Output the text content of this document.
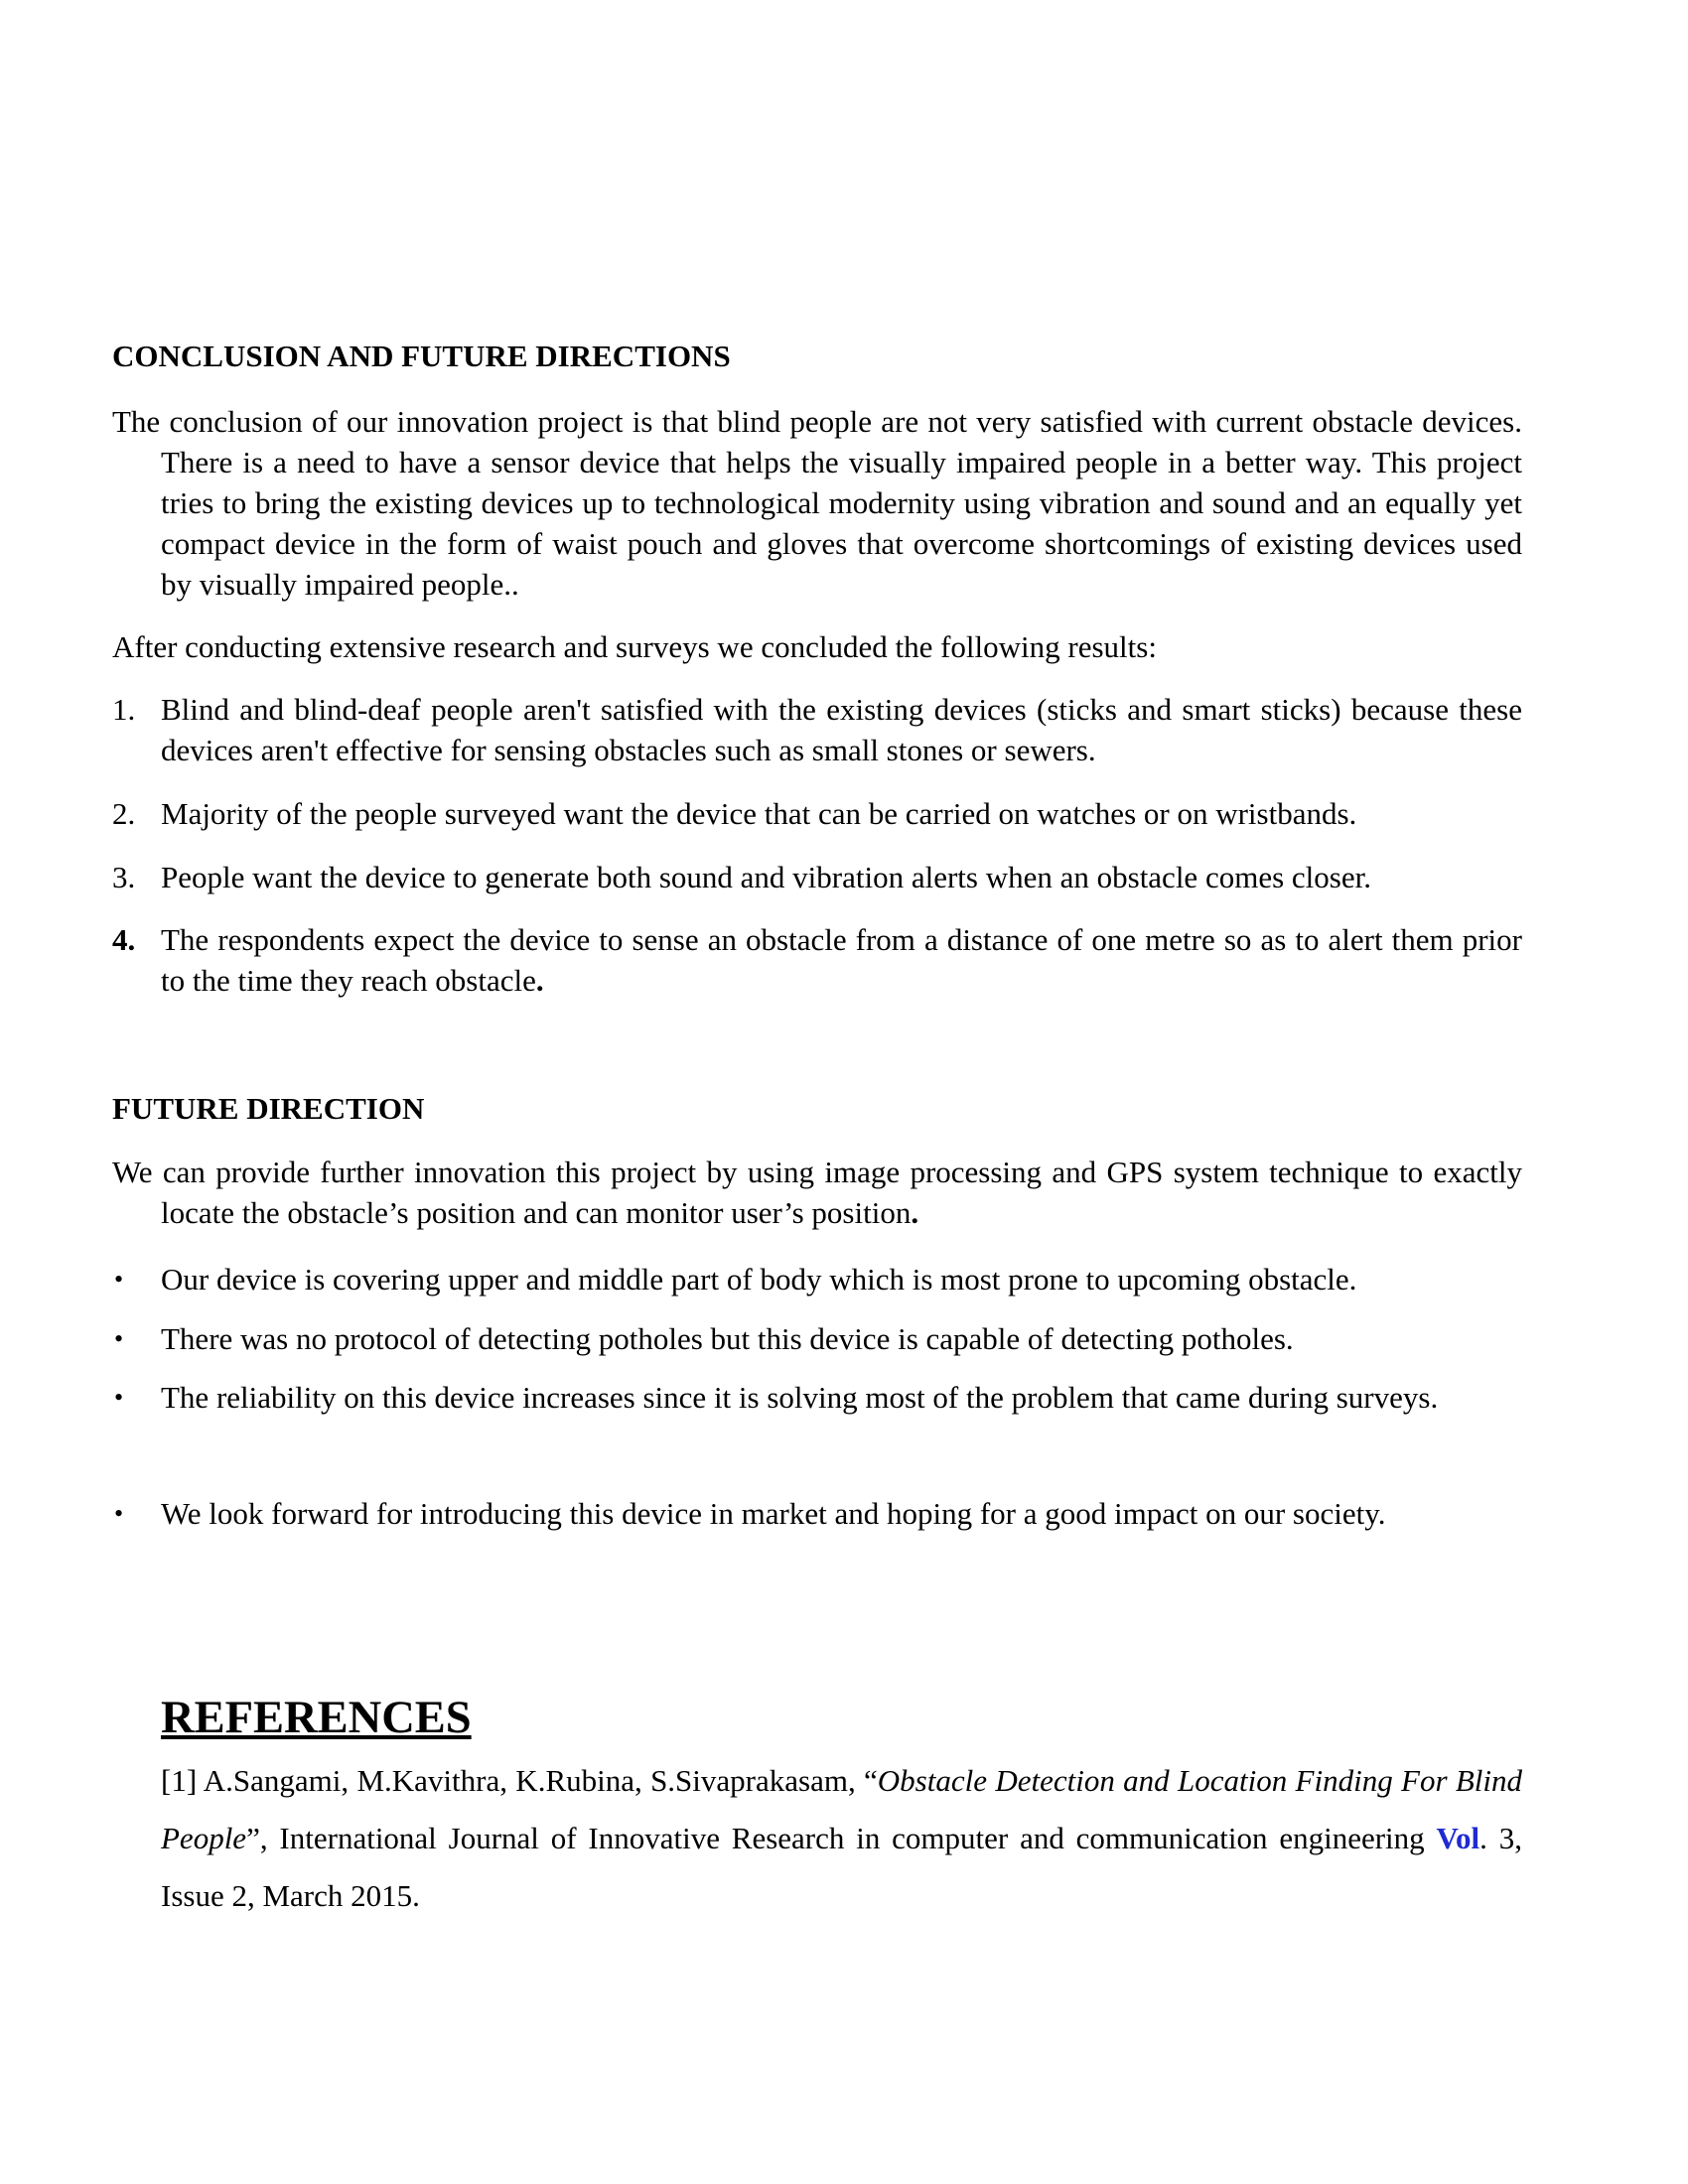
CONCLUSION AND FUTURE DIRECTIONS

The conclusion of our innovation project is that blind people are not very satisfied with current obstacle devices. There is a need to have a sensor device that helps the visually impaired people in a better way. This project tries to bring the existing devices up to technological modernity using vibration and sound and an equally yet compact device in the form of waist pouch and gloves that overcome shortcomings of existing devices used by visually impaired people..

After conducting extensive research and surveys we concluded the following results:

1. Blind and blind-deaf people aren't satisfied with the existing devices (sticks and smart sticks) because these devices aren't effective for sensing obstacles such as small stones or sewers.
2. Majority of the people surveyed want the device that can be carried on watches or on wristbands.
3. People want the device to generate both sound and vibration alerts when an obstacle comes closer.
4. The respondents expect the device to sense an obstacle from a distance of one metre so as to alert them prior to the time they reach obstacle.
FUTURE DIRECTION

We can provide further innovation this project by using image processing and GPS system technique to exactly locate the obstacle’s position and can monitor user’s position.

• Our device is covering upper and middle part of body which is most prone to upcoming obstacle.
• There was no protocol of detecting potholes but this device is capable of detecting potholes.
• The reliability on this device increases since it is solving most of the problem that came during surveys.
• We look forward for introducing this device in market and hoping for a good impact on our society.
REFERENCES

[1] A.Sangami, M.Kavithra, K.Rubina, S.Sivaprakasam, “Obstacle Detection and Location Finding For Blind People”, International Journal of Innovative Research in computer and communication engineering Vol. 3, Issue 2, March 2015.
